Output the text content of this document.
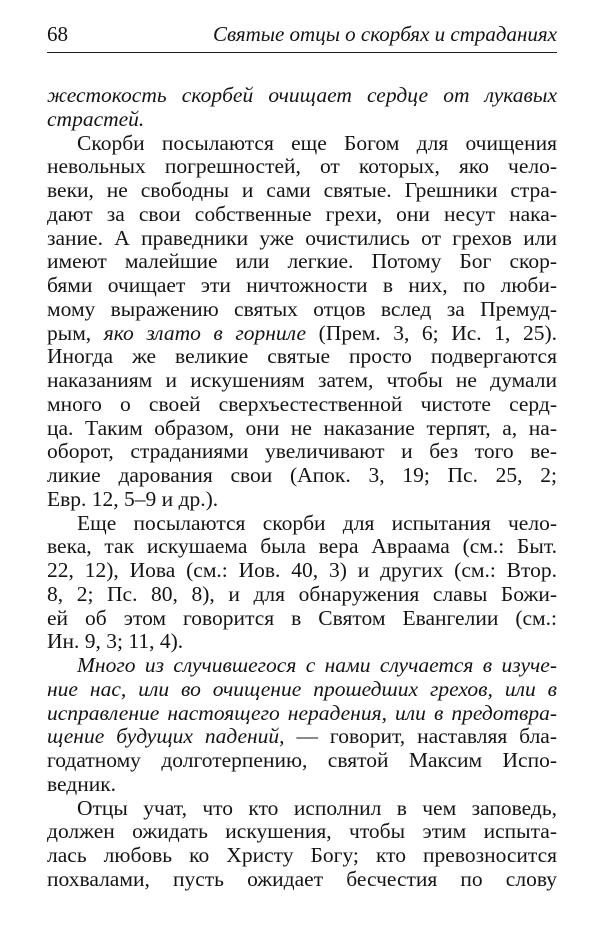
68	Святые отцы о скорбях и страданиях
жестокость скорбей очищает сердце от лукавых
страстей.
Скорби посылаются еще Богом для очищения
невольных погрешностей, от которых, яко чело-
веки, не свободны и сами святые. Грешники стра-
дают за свои собственные грехи, они несут нака-
зание. А праведники уже очистились от грехов или
имеют малейшие или легкие. Потому Бог скор-
бями очищает эти ничтожности в них, по люби-
мому выражению святых отцов вслед за Премуд-
рым, яко злато в горниле (Прем. 3, 6; Ис. 1, 25).
Иногда же великие святые просто подвергаются
наказаниям и искушениям затем, чтобы не думали
много о своей сверхъестественной чистоте серд-
ца. Таким образом, они не наказание терпят, а, на-
оборот, страданиями увеличивают и без того ве-
ликие дарования свои (Апок. 3, 19; Пс. 25, 2;
Евр. 12, 5–9 и др.).
Еще посылаются скорби для испытания чело-
века, так искушаема была вера Авраама (см.: Быт.
22, 12), Иова (см.: Иов. 40, 3) и других (см.: Втор.
8, 2; Пс. 80, 8), и для обнаружения славы Божи-
ей об этом говорится в Святом Евангелии (см.:
Ин. 9, 3; 11, 4).
Много из случившегося с нами случается в изуче-
ние нас, или во очищение прошедших грехов, или в
исправление настоящего нерадения, или в предотвра-
щение будущих падений, — говорит, наставляя бла-
годатному долготерпению, святой Максим Испо-
ведник.
Отцы учат, что кто исполнил в чем заповедь,
должен ожидать искушения, чтобы этим испыта-
лась любовь ко Христу Богу; кто превозносится
похвалами, пусть ожидает бесчестия по слову
